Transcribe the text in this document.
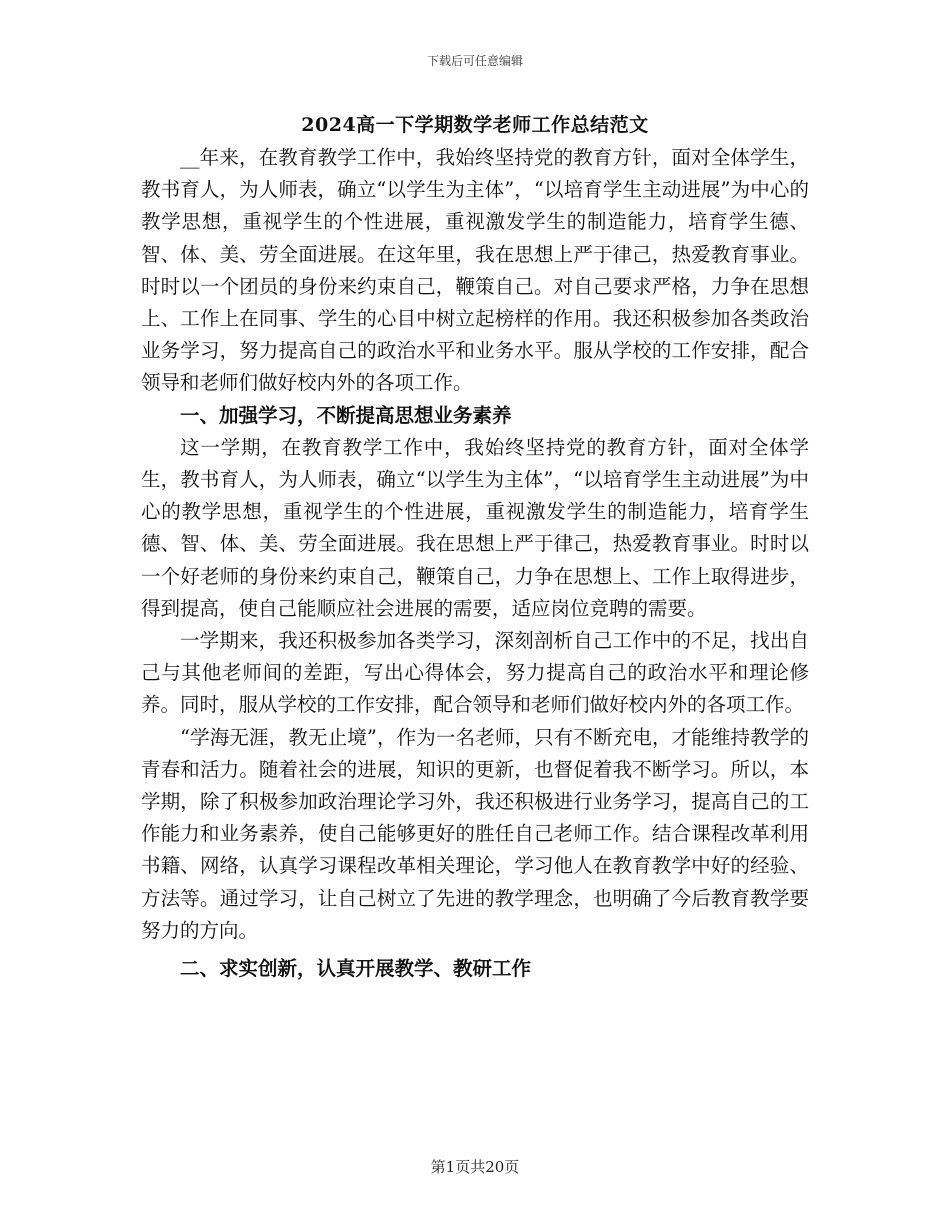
下载后可任意编辑
2024高一下学期数学老师工作总结范文

__年来，在教育教学工作中，我始终坚持党的教育方针，面对全体学生，教书育人，为人师表，确立“以学生为主体”，“以培育学生主动进展”为中心的教学思想，重视学生的个性进展，重视激发学生的制造能力，培育学生德、智、体、美、劳全面进展。在这年里，我在思想上严于律己，热爱教育事业。时时以一个团员的身份来约束自己，鞭策自己。对自己要求严格，力争在思想上、工作上在同事、学生的心目中树立起榜样的作用。我还积极参加各类政治业务学习，努力提高自己的政治水平和业务水平。服从学校的工作安排，配合领导和老师们做好校内外的各项工作。

一、加强学习，不断提高思想业务素养

这一学期，在教育教学工作中，我始终坚持党的教育方针，面对全体学生，教书育人，为人师表，确立“以学生为主体”，“以培育学生主动进展”为中心的教学思想，重视学生的个性进展，重视激发学生的制造能力，培育学生德、智、体、美、劳全面进展。我在思想上严于律己，热爱教育事业。时时以一个好老师的身份来约束自己，鞭策自己，力争在思想上、工作上取得进步，得到提高，使自己能顺应社会进展的需要，适应岗位竞聘的需要。

一学期来，我还积极参加各类学习，深刻剖析自己工作中的不足，找出自己与其他老师间的差距，写出心得体会，努力提高自己的政治水平和理论修养。同时，服从学校的工作安排，配合领导和老师们做好校内外的各项工作。

“学海无涯，教无止境”，作为一名老师，只有不断充电，才能维持教学的青春和活力。随着社会的进展，知识的更新，也督促着我不断学习。所以，本学期，除了积极参加政治理论学习外，我还积极进行业务学习，提高自己的工作能力和业务素养，使自己能够更好的胜任自己老师工作。结合课程改革利用书籍、网络，认真学习课程改革相关理论，学习他人在教育教学中好的经验、方法等。通过学习，让自己树立了先进的教学理念，也明确了今后教育教学要努力的方向。

二、求实创新，认真开展教学、教研工作

第1页共20页
